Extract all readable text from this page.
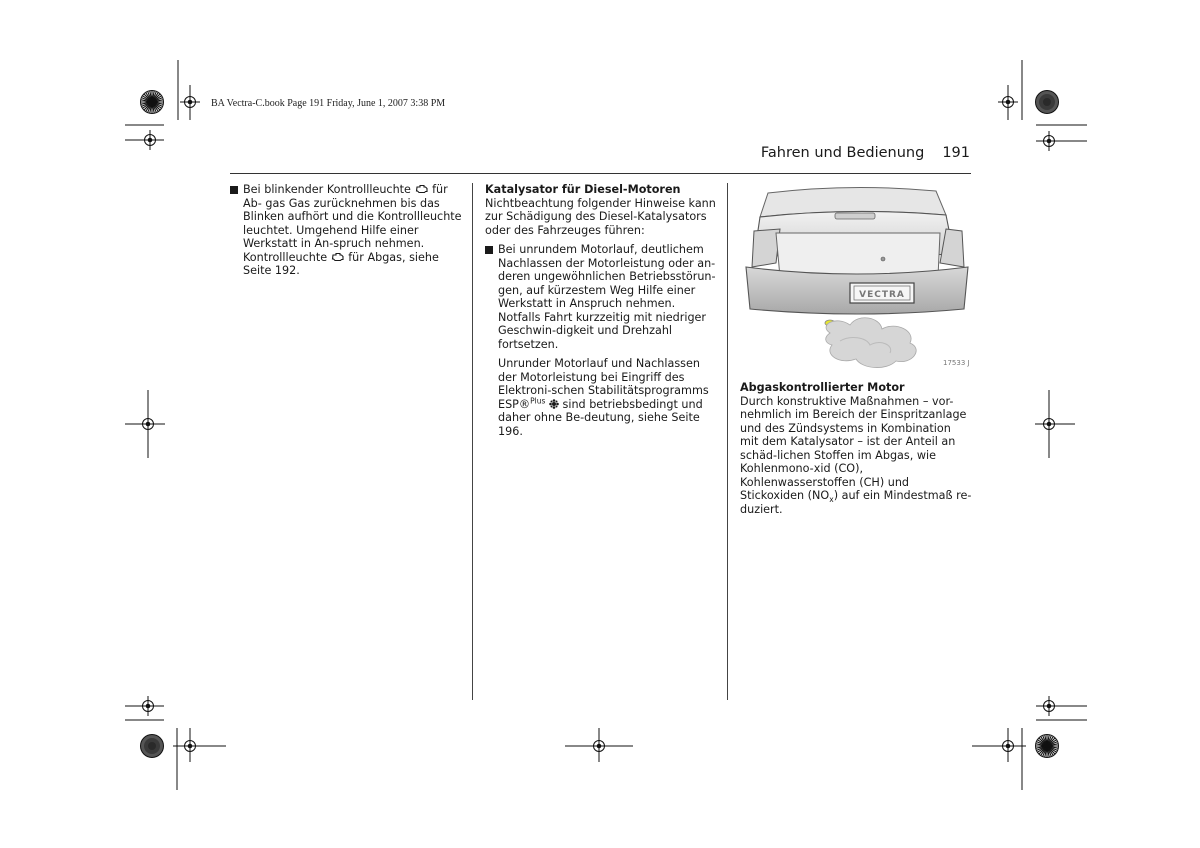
BA Vectra-C.book Page 191 Friday, June 1, 2007 3:38 PM
Fahren und Bedienung 191

Bei blinkender Kontrollleuchte für Ab- gas Gas zurücknehmen bis das Blinken aufhört und die Kontrollleuchte leuchtet. Umgehend Hilfe einer Werkstatt in An-spruch nehmen. Kontrollleuchte für Abgas, siehe Seite 192.

Katalysator für Diesel-Motoren

Nichtbeachtung folgender Hinweise kann zur Schädigung des Diesel-Katalysators oder des Fahrzeuges führen:

Bei unrundem Motorlauf, deutlichem Nachlassen der Motorleistung oder an-deren ungewöhnlichen Betriebsstörun-gen, auf kürzestem Weg Hilfe einer Werkstatt in Anspruch nehmen. Notfalls Fahrt kurzzeitig mit niedriger Geschwin-digkeit und Drehzahl fortsetzen.

Unrunder Motorlauf und Nachlassen der Motorleistung bei Eingriff des Elektroni-schen Stabilitätsprogramms ESP®$^{Plus}$ sind betriebsbedingt und daher ohne Be-deutung, siehe Seite 196.

VECTRA
17533 J

Abgaskontrollierter Motor

Durch konstruktive Maßnahmen – vor-nehmlich im Bereich der Einspritzanlage und des Zündsystems in Kombination mit dem Katalysator – ist der Anteil an schäd-lichen Stoffen im Abgas, wie Kohlenmono-xid (CO), Kohlenwasserstoffen (CH) und Stickoxiden $(NO_x)$ auf ein Mindestmaß re-duziert.
